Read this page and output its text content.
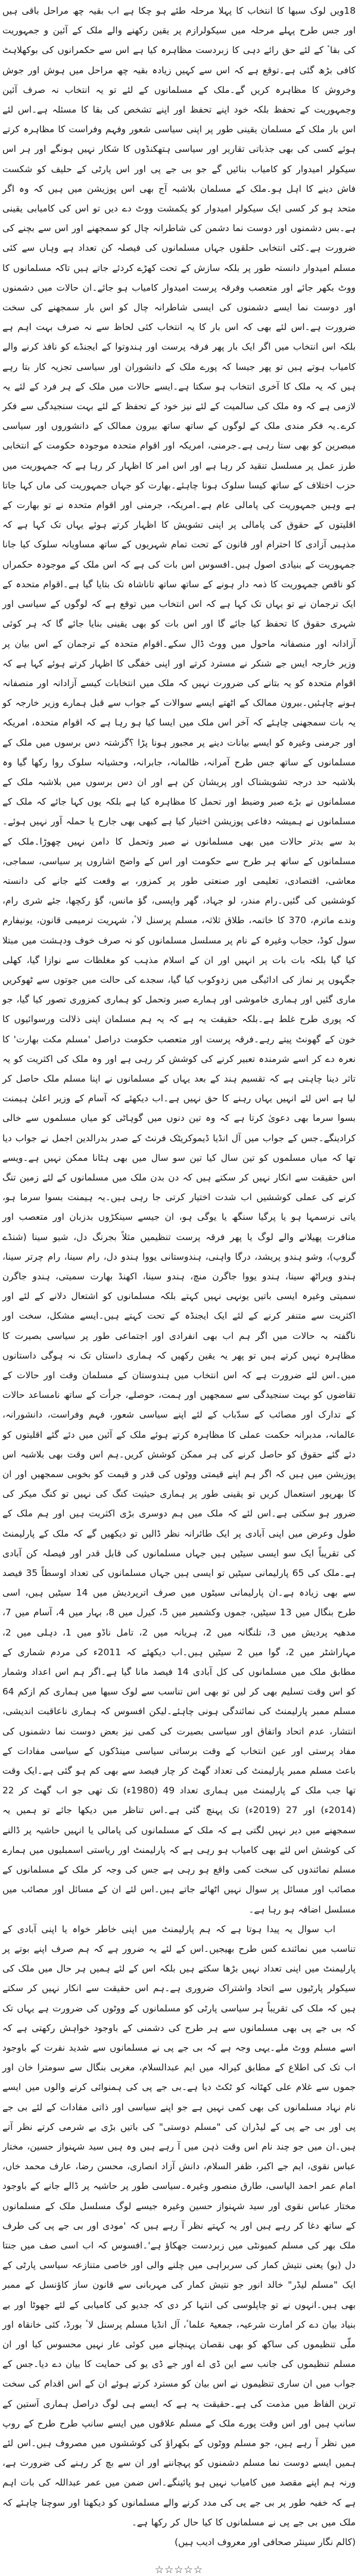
18ویں لوک سبھا کا انتخاب کا پہلا مرحلہ طئے ہو چکا ہے اب بقیہ چھ مراحل باقی ہیں اور جس طرح پہلے مرحلہ میں سیکولرازم پر یقین رکھنے والے ملک کے آئین و جمہوریت کی بقاٴ کے لئے حق رائے دہی کا زبردست مظاہرہ کیا ہے اس سے حکمرانوں کی بوکھلاہٹ کافی بڑھ گئی ہے۔توقع ہے کہ اس سے کہیں زیادہ بقیہ چھ مراحل میں ہوش اور جوش وخروش کا مظاہرہ کریں گے۔ملک کے مسلمانوں کے لئے تو یہ انتخاب نہ صرف آئین وجمہوریت کے تحفظ بلکہ خود اپنے تحفظ اور اپنے تشخص کی بقا کا مسئلہ ہے۔اس لئے اس بار ملک کے مسلمان یقینی طور پر اپنی سیاسی شعور وفہم وفراست کا مظاہرہ کرتے ہوئے کسی کی بھی جذباتی تقاریر اور سیاسی ہتھکنڈوں کا شکار نہیں ہونگے اور ہر اس سیکولر امیدوار کو کامیاب بنائیں گے جو بی جے پی اور اس پارٹی کے حلیف کو شکست فاش دینے کا اہل ہو۔ملک کے مسلمان بلاشبہ آج بھی اس پوزیشن میں ہیں کہ وہ اگر متحد ہو کر کسی ایک سیکولر امیدوار کو یکمشت ووٹ دے دیں تو اس کی کامیابی یقینی ہے۔بس دشمنوں اور دوست نما دشمن کی شاطرانہ چال کو سمجھنے اور اس سے بچنے کی ضرورت ہے۔کئی انتخابی حلقوں جہاں مسلمانوں کی فیصلہ کن تعداد ہے وہاں سے کئی مسلم امیدوار دانستہ طور پر بلکہ سازش کے تحت کھڑے کردئے جاتے ہیں تاکہ مسلمانوں کا ووٹ بکھر جائے اور متعصب وفرقہ پرست امیدوار کامیاب ہو جائے۔ان حالات میں دشمنوں اور دوست نما ایسے دشمنوں کی ایسی شاطرانہ چال کو اس بار سمجھنے کی سخت ضرورت ہے۔اس لئے بھی کہ اس بار کا یہ انتخاب کئی لحاظ سے نہ صرف بہت اہم ہے بلکہ اس انتخاب میں اگر ایک بار پھر فرقہ پرست اور ہندوتوا کے ایجنڈے کو نافذ کرنے والے کامیاب ہوتے ہیں تو پھر جیسا کہ پورے ملک کے دانشوران اور سیاسی تجزیہ کار بتا رہے ہیں کہ یہ ملک کا آخری انتخاب ہو سکتا ہے۔ایسے حالات میں ملک کے ہر فرد کے لئے یہ لازمی ہے کہ وہ ملک کی سالمیت کے لئے نیز خود کے تحفظ کے لئے بہت سنجیدگی سے فکر کرے۔یہ فکر مندی ملک کے لوگوں کے ساتھ ساتھ بیرون ممالک کے دانشوروں اور سیاسی مبصرین کو بھی ستا رہی ہے۔جرمنی، امریکہ اور اقوام متحدہ موجودہ حکومت کے انتخابی طرز عمل پر مسلسل تنقید کر رہا ہے اور اس امر کا اظہار کر رہا ہے کہ جمہوریت میں حزب اختلاف کے ساتھ کیسا سلوک ہونا چاہئے۔بھارت کو جہاں جمہوریت کی ماں کہا جاتا ہے وہیں جمہوریت کی پامالی عام ہے۔امریکہ، جرمنی اور اقوام متحدہ نے تو بھارت کے اقلیتوں کے حقوق کی پامالی پر اپنی تشویش کا اظہار کرتے ہوئے یہاں تک کہا ہے کہ مذہبی آزادی کا احترام اور قانون کے تحت تمام شہریوں کے ساتھ مساویانہ سلوک کیا جانا جمہوریت کے بنیادی اصول ہیں۔افسوس اس بات کی ہے کہ اس ملک کے موجودہ حکمراں کو ناقص جمہوریت کا ذمہ دار ہونے کے ساتھ ساتھ تاناشاہ تک بتایا گیا ہے۔اقوام متحدہ کے ایک ترجمان نے تو یہاں تک کہا ہے کہ اس انتخاب میں توقع ہے کہ لوگوں کے سیاسی اور شہری حقوق کا تحفظ کیا جائے گا اور اس بات کو بھی یقینی بنایا جائے گا کہ ہر کوئی آزادانہ اور منصفانہ ماحول میں ووٹ ڈال سکے۔اقوام متحدہ کے ترجمان کے اس بیان پر وزیر خارجہ ایس جے شنکر نے مسترد کرتے اور اپنی خفگی کا اظہار کرتے ہوئے کہا ہے کہ اقوام متحدہ کو یہ بتانے کی ضرورت نہیں کہ ملک میں انتخابات کیسے آزادانہ اور منصفانہ ہونے چاہئیں۔بیرون ممالک کے اٹھتے ایسے سوالات کے جواب سے قبل ہمارے وزیر خارجہ کو یہ بات سمجھنی چاہئے کہ آخر اس ملک میں ایسا کیا ہو رہا ہے کہ اقوام متحدہ، امریکہ اور جرمنی وغیرہ کو ایسے بیانات دینے پر مجبور ہونا پڑا ؟گزشتہ دس برسوں میں ملک کے مسلمانوں کے ساتھ جس طرح آمرانہ، ظالمانہ، جابرانہ، وحشیانہ سلوک روا رکھا گیا وہ بلاشبہ حد درجہ تشویشناک اور پریشان کن ہے اور ان دس برسوں میں بلاشبہ ملک کے مسلمانوں نے بڑے صبر وضبط اور تحمل کا مظاہرہ کیا ہے بلکہ یوں کہا جائے کہ ملک کے مسلمانوں نے ہمیشہ دفاعی پوزیشن اختیار کیا ہے کبھی بھی جارح یا حملہ آور نہیں ہوئے۔بد سے بدتر حالات میں بھی مسلمانوں نے صبر وتحمل کا دامن نہیں چھوڑا۔ملک کے مسلمانوں کے ساتھ ہر طرح سے حکومت اور اس کے واضح اشاروں پر سیاسی، سماجی، معاشی، اقتصادی، تعلیمی اور صنعتی طور پر کمزور، بے وقعت کئے جانے کی دانستہ کوششیں کی گئیں۔رام مندر، لو جہاد، گھر واپسی، گؤ مانس، گؤ رکچھا، جئے شری رام، وندے ماترم، 370 کا خاتمہ، طلاق ثلاثہ، مسلم پرسنل لاٴ، شہریت ترمیمی قانون، یونیفارم سول کوڈ، حجاب وغیرہ کے نام پر مسلسل مسلمانوں کو نہ صرف خوف ودہشت میں مبتلا کیا گیا بلکہ بات بات پر انہیں اور ان کے اسلام مذہب کو مغلظات سے نوازا گیا، کھلی جگہوں پر نماز کی ادائیگی میں زدوکوب کیا گیا، سجدے کی حالت میں جوتوں سے ٹھوکریں ماری گئیں اور ہماری خاموشی اور ہمارے صبر وتحمل کو ہماری کمزوری تصور کیا گیا، جو کہ پوری طرح غلط ہے۔بلکہ حقیقت یہ ہے کہ یہ ہم مسلمان اپنی ذلالت ورسوائیوں کا خون کے گھونٹ پیتے رہے۔فرقہ پرست اور متعصب حکومت دراصل 'مسلم مکت بھارت' کا نعرہ دے کر اسے شرمندہ تعبیر کرنے کی کوشش کر رہی ہے اور وہ ملک کی اکثریت کو یہ تاثر دینا چاہتی ہے کہ تقسیم ہند کے بعد یہاں کے مسلمانوں نے اپنا مسلم ملک حاصل کر لیا ہے اس لئے انہیں یہاں رہنے کا حق نہیں ہے۔اب دیکھئے کہ آسام کے وزیر اعلیٰ ہیمنت بسوا سرما بھی دعویٰ کرتا ہے کہ وہ تین دنوں میں گوہاٹی کو میاں مسلموں سے خالی کرادینگے۔جس کے جواب میں آل انڈیا ڈیموکریٹک فرنٹ کے صدر بدرالدین اجمل نے جواب دیا تھا کہ میاں مسلموں کو تین سال کیا تین سو سال میں بھی ہٹانا ممکن نہیں ہے۔ویسے اس حقیقت سے انکار نہیں کر سکتے ہیں کہ دن بدن ملک میں مسلمانوں کے لئے زمین تنگ کرنے کی عملی کوششیں اب شدت اختیار کرتی جا رہی ہیں۔یہ ہیمنت بسوا سرما ہو، یاتی نرسمہا ہو یا پرگیا سنگھ یا یوگی ہو، ان جیسے سینکڑوں بدزبان اور متعصب اور منافرت پھیلانے والے لوگ یا پھر فرقہ پرست تنظیمیں مثلاً بجرنگ دل، شیو سینا (شنڈے گروپ)، وشو ہندو پریشد، درگا واہنی، ہندوستانی یووا ہندو دل، رام سینا، رام چرتر سینا، ہندو ویراٹھ سینا، ہندو یووا جاگرن منچ، ہندو سینا، اکھنڈ بھارت سمیتی، ہندو جاگرن سمیتی وغیرہ ایسی باتیں یونہی نہیں کہتے بلکہ مسلمانوں کو اشتعال دلانے کے لئے اور اکثریت سے متنفر کرنے کے لئے ایک ایجنڈہ کے تحت کہتے ہیں۔ایسے مشکل، سخت اور ناگفتہ بہ حالات میں اگر ہم اب بھی انفرادی اور اجتماعی طور پر سیاسی بصیرت کا مظاہرہ نہیں کرتے ہیں تو پھر یہ یقین رکھیں کہ ہماری داستاں تک نہ ہوگی داستانوں میں۔اس لئے ضرورت ہے کہ اس انتخاب میں ہندوستان کے مسلمان وقت اور حالات کے تقاضوں کو بہت سنجیدگی سے سمجھیں اور ہمت، حوصلے، جرأت کے ساتھ نامساعد حالات کے تدارک اور مصائب کے سدّباب کے لئے اپنے سیاسی شعور، فہم وفراست، دانشورانہ، عالمانہ، مدبرانہ حکمت عملی کا مظاہرہ کرتے ہوئے ملک کے آئین میں دئے گئے اقلیتوں کو دئے گئے حقوق کو حاصل کرنے کی ہر ممکن کوشش کریں۔ہم اس وقت بھی بلاشبہ اس پوزیشن میں ہیں کہ اگر ہم اپنے قیمتی ووٹوں کی قدر و قیمت کو بخوبی سمجھیں اور ان کا بھرپور استعمال کریں تو یقینی طور پر ہماری حیثیت کنگ کی نہیں تو کنگ میکر کی ضرور ہو سکتی ہے۔اس لئے کہ ملک میں ہم دوسری بڑی اکثریت ہیں اور ہم ملک کے طول وعرض میں اپنی آبادی پر ایک طائرانہ نظر ڈالیں تو دیکھیں گے کہ ملک کے پارلیمنٹ کی تقریباً ایک سو ایسی سیٹیں ہیں جہاں مسلمانوں کی قابل قدر اور فیصلہ کن آبادی ہے۔ملک کی 65 پارلیمانی سیٹیں تو ایسی ہیں جہاں مسلمانوں کی تعداد اوسطاً 35 فیصد سے بھی زیادہ ہے۔ان پارلیمانی سیٹوں میں صرف اترپردیش میں 14 سیٹیں ہیں، اسی طرح بنگال میں 13 سیٹیں، جموں وکشمیر میں 5، کیرل میں 8، بہار میں 4، آسام میں 7، مدھیہ پردیش میں 3، تلنگانہ میں 2، ہریانہ میں 2، تامل ناڈو میں 1، دہلی میں 2، مہاراشٹر میں 2، گوا میں 2 سیٹیں ہیں۔اب دیکھئے کہ 2011ء کی مردم شماری کے مطابق ملک میں مسلمانوں کی کل آبادی 14 فیصد مانا گیا ہے۔اگر ہم اس اعداد وشمار کو اس وقت تسلیم بھی کر لیں تو بھی اس تناسب سے لوک سبھا میں ہماری کم ازکم 64 مسلم ممبر پارلیمنٹ کی نمائندگی ہونی چاہئے۔لیکن افسوس کہ ہماری ناعاقبت اندیشی، انتشار، عدم اتحاد واتفاق اور سیاسی بصیرت کی کمی نیز بعض دوست نما دشمنوں کی مفاد پرستی اور عین انتخاب کے وقت برساتی سیاسی مینڈکوں کے سیاسی مفادات کے باعث مسلم ممبر پارلیمنٹ کی تعداد گھٹ کر چار فیصد سے بھی کم ہو گئی ہے۔ایک وقت تھا جب ملک کے پارلیمنٹ میں ہماری تعداد 49 (1980ء) تک تھی جو اب گھٹ کر 22 (2014ء) اور 27 (2019ء) تک پہنچ گئی ہے۔اس تناظر میں دیکھا جائے تو ہمیں یہ سمجھنے میں دیر نہیں لگتی ہے کہ ملک کے مسلمانوں کی پامالی یا انہیں حاشیہ پر ڈالنے کی کوشش اس لئے بھی کامیاب ہو رہی ہے کہ پارلیمنٹ اور ریاستی اسمبلیوں میں ہمارے مسلم نمائندوں کی سخت کمی واقع ہو رہی ہے جس کی وجہ کر ملک کے مسلمانوں کے مصائب اور مسائل پر سوال نہیں اٹھائے جاتے ہیں۔اس لئے ان کے مسائل اور مصائب میں مسلسل اضافہ ہو رہا ہے۔

اب سوال یہ پیدا ہوتا ہے کہ ہم پارلیمنٹ میں اپنی خاطر خواہ یا اپنی آبادی کے تناسب میں نمائندے کس طرح بھیجیں۔اس کے لئے یہ ضرور ہے کہ ہم صرف اپنے بوتے پر پارلیمنٹ میں اپنی تعداد نہیں بڑھا سکتے ہیں بلکہ اس کے لئے ہمیں ہر حال میں ملک کی سیکولر پارٹیوں سے اتحاد واشتراک ضروری ہے۔ہم اس حقیقت سے انکار نہیں کر سکتے ہیں کہ ملک کی تقریباً ہر سیاسی پارٹی کو مسلمانوں کے ووٹوں کی ضرورت ہے یہاں تک کہ بی جے پی بھی مسلمانوں سے ہر طرح کی دشمنی کے باوجود خواہش رکھتی ہے کہ اسے مسلم ووٹ ملے۔یہی وجہ ہے کہ بی جے پی نے مسلمانوں سے شدید نفرت کے باوجود اب تک کی اطلاع کے مطابق کیرالہ میں ایم عبدالسلام، مغربی بنگال سے سومترا خان اور جموں سے غلام علی کھٹانہ کو ٹکٹ دیا ہے۔بی جے پی کی ہمنوائی کرنے والوں میں ایسے نام نہاد مسلمانوں کی بھی کمی نہیں ہے جو اپنے سیاسی اور ذاتی مفادات کے لئے بی جے پی اور بی جے پی کے لیڈران کی "مسلم دوستی" کی باتیں بڑی بے شرمی کرتے نظر آتے ہیں۔ان میں جو چند نام اس وقت ذہن میں آ رہے ہیں وہ ہیں سید شہنواز حسین، مختار عباس نقوی، ایم جے اکبر، ظفر السلام، دانش آزاد انصاری، محسن رضا، عارف محمد خاں، امام عمر احمد الیاسی، طارق منصور وغیرہ۔سیاسی طور پر حاشیہ پر ڈالے جانے کے باوجود مختار عباس نقوی اور سید شہنواز حسین وغیرہ جیسے لوگ مسلسل ملک کے مسلمانوں کے ساتھ دغا کر رہے ہیں اور یہ کہتے نظر آ رہے ہیں کہ 'مودی اور بی جے پی کی طرف ملک بھر کی مسلم کمیونٹی میں زبردست جھکاؤ ہے'۔افسوس کہ اب اسی صف میں جنتا دل (یو) یعنی نتیش کمار کی سربراہی میں چلنے والی اور خاصی متنازعہ سیاسی پارٹی کے ایک "مسلم لیڈر" خالد انور جو نتیش کمار کی مہربانی سے قانون ساز کاؤنسل کے ممبر بھی ہیں۔انہوں نے تو چاپلوسی کی انتہا کر دی کہ جدیو کی کامیابی کے لئے جھوٹا اور بے بنیاد بیان دے کر امارت شرعیہ، جمعیۃ علماٴ، آل انڈیا مسلم پرسنل لاٴ بورڈ، کئی خانقاہ اور ملّی تنظیموں کی ساکھ کو بھی نقصان پہنچانے میں کوئی عار نہیں محسوس کیا اور ان مسلم تنظیموں کی جانب سے این ڈی اے اور جے ڈی یو کی حمایت کا بیان دے دیا۔جس کے جواب میں ان ساری تنظیموں نے اس بیان کو مسترد کرتے ہوئے ان کے اس اقدام کی سخت ترین الفاظ میں مذمت کی ہے۔حقیقت یہ ہے کہ ایسے ہی لوگ دراصل ہماری آستین کے سانپ ہیں اور اس وقت پورے ملک کے مسلم علاقوں میں ایسے سانپ طرح طرح کے روپ میں نظر آ رہے ہیں، جو مسلم ووٹوں کے بکھراؤ کی کوششوں میں مصروف ہیں۔اس لئے ہمیں ایسے دوست نما مسلم دشمنوں کو پہچاننے اور ان سے بچ کر رہنے کی ضرورت ہے، ورنہ ہم اپنے مقصد میں کامیاب نہیں ہو پائینگے۔اس ضمن میں عمر عبداللہ کی بات اہم ہے کہ خفیہ طور پر بی جے پی کی مدد کرنے والے مسلمانوں کو دیکھنا اور سوچنا چاہئے کہ ملک میں بی جے پی نے مسلمانوں کا کیا حال کر رکھا ہے۔

(کالم نگار سینئر صحافی اور معروف ادیب ہیں)
☆☆☆☆☆
